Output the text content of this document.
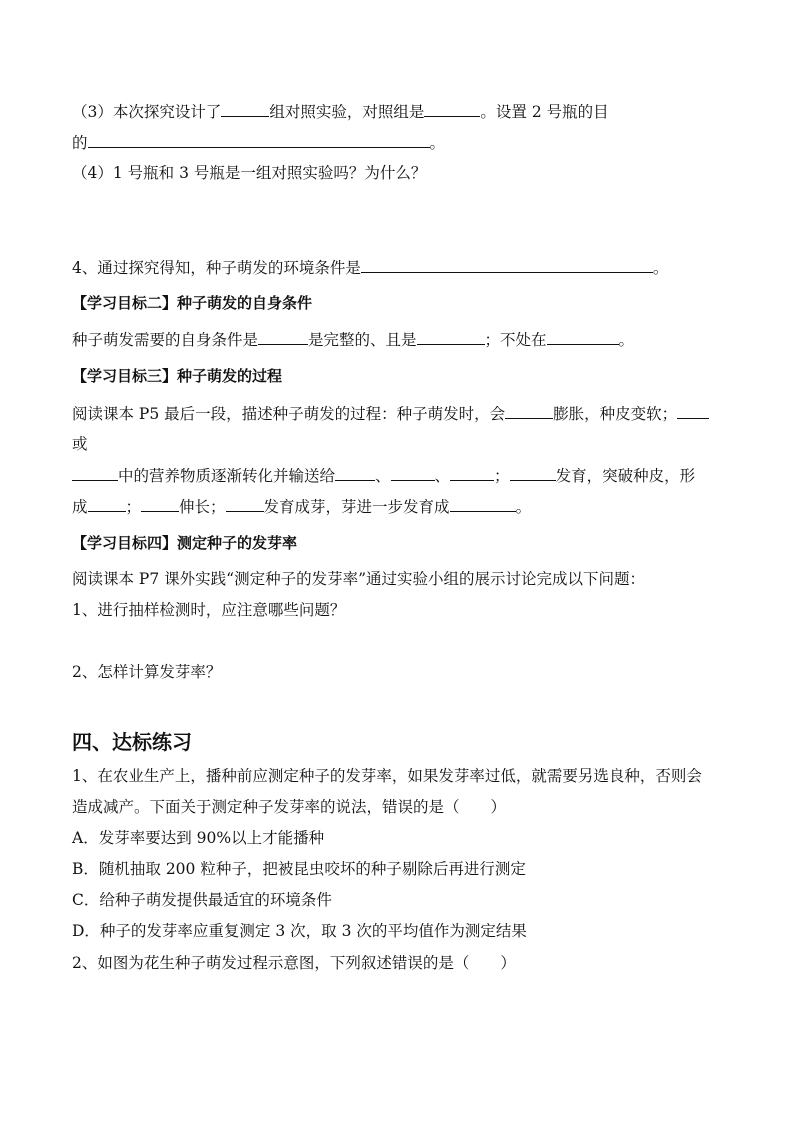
（3）本次探究设计了	组对照实验，对照组是	。设置 2 号瓶的目
的	。
（4）1 号瓶和 3 号瓶是一组对照实验吗？为什么？
4、通过探究得知，种子萌发的环境条件是	。
【学习目标二】种子萌发的自身条件
种子萌发需要的自身条件是	是完整的、且是	；不处在	。
【学习目标三】种子萌发的过程
阅读课本 P5 最后一段，描述种子萌发的过程：种子萌发时，会	膨胀，种皮变软；
或
中的营养物质逐渐转化并输送给	、	、	；	发育，突破种皮，形
成 ； 伸长； 发育成芽，芽进一步发育成	。
【学习目标四】测定种子的发芽率
阅读课本 P7 课外实践“测定种子的发芽率”通过实验小组的展示讨论完成以下问题：
1、进行抽样检测时，应注意哪些问题？
2、怎样计算发芽率？
四、达标练习
1、在农业生产上，播种前应测定种子的发芽率，如果发芽率过低，就需要另选良种，否则会
造成减产。下面关于测定种子发芽率的说法，错误的是（　　）
A．发芽率要达到 90%以上才能播种
B．随机抽取 200 粒种子，把被昆虫咬坏的种子剔除后再进行测定
C．给种子萌发提供最适宜的环境条件
D．种子的发芽率应重复测定 3 次，取 3 次的平均值作为测定结果
2、如图为花生种子萌发过程示意图，下列叙述错误的是（　　）
